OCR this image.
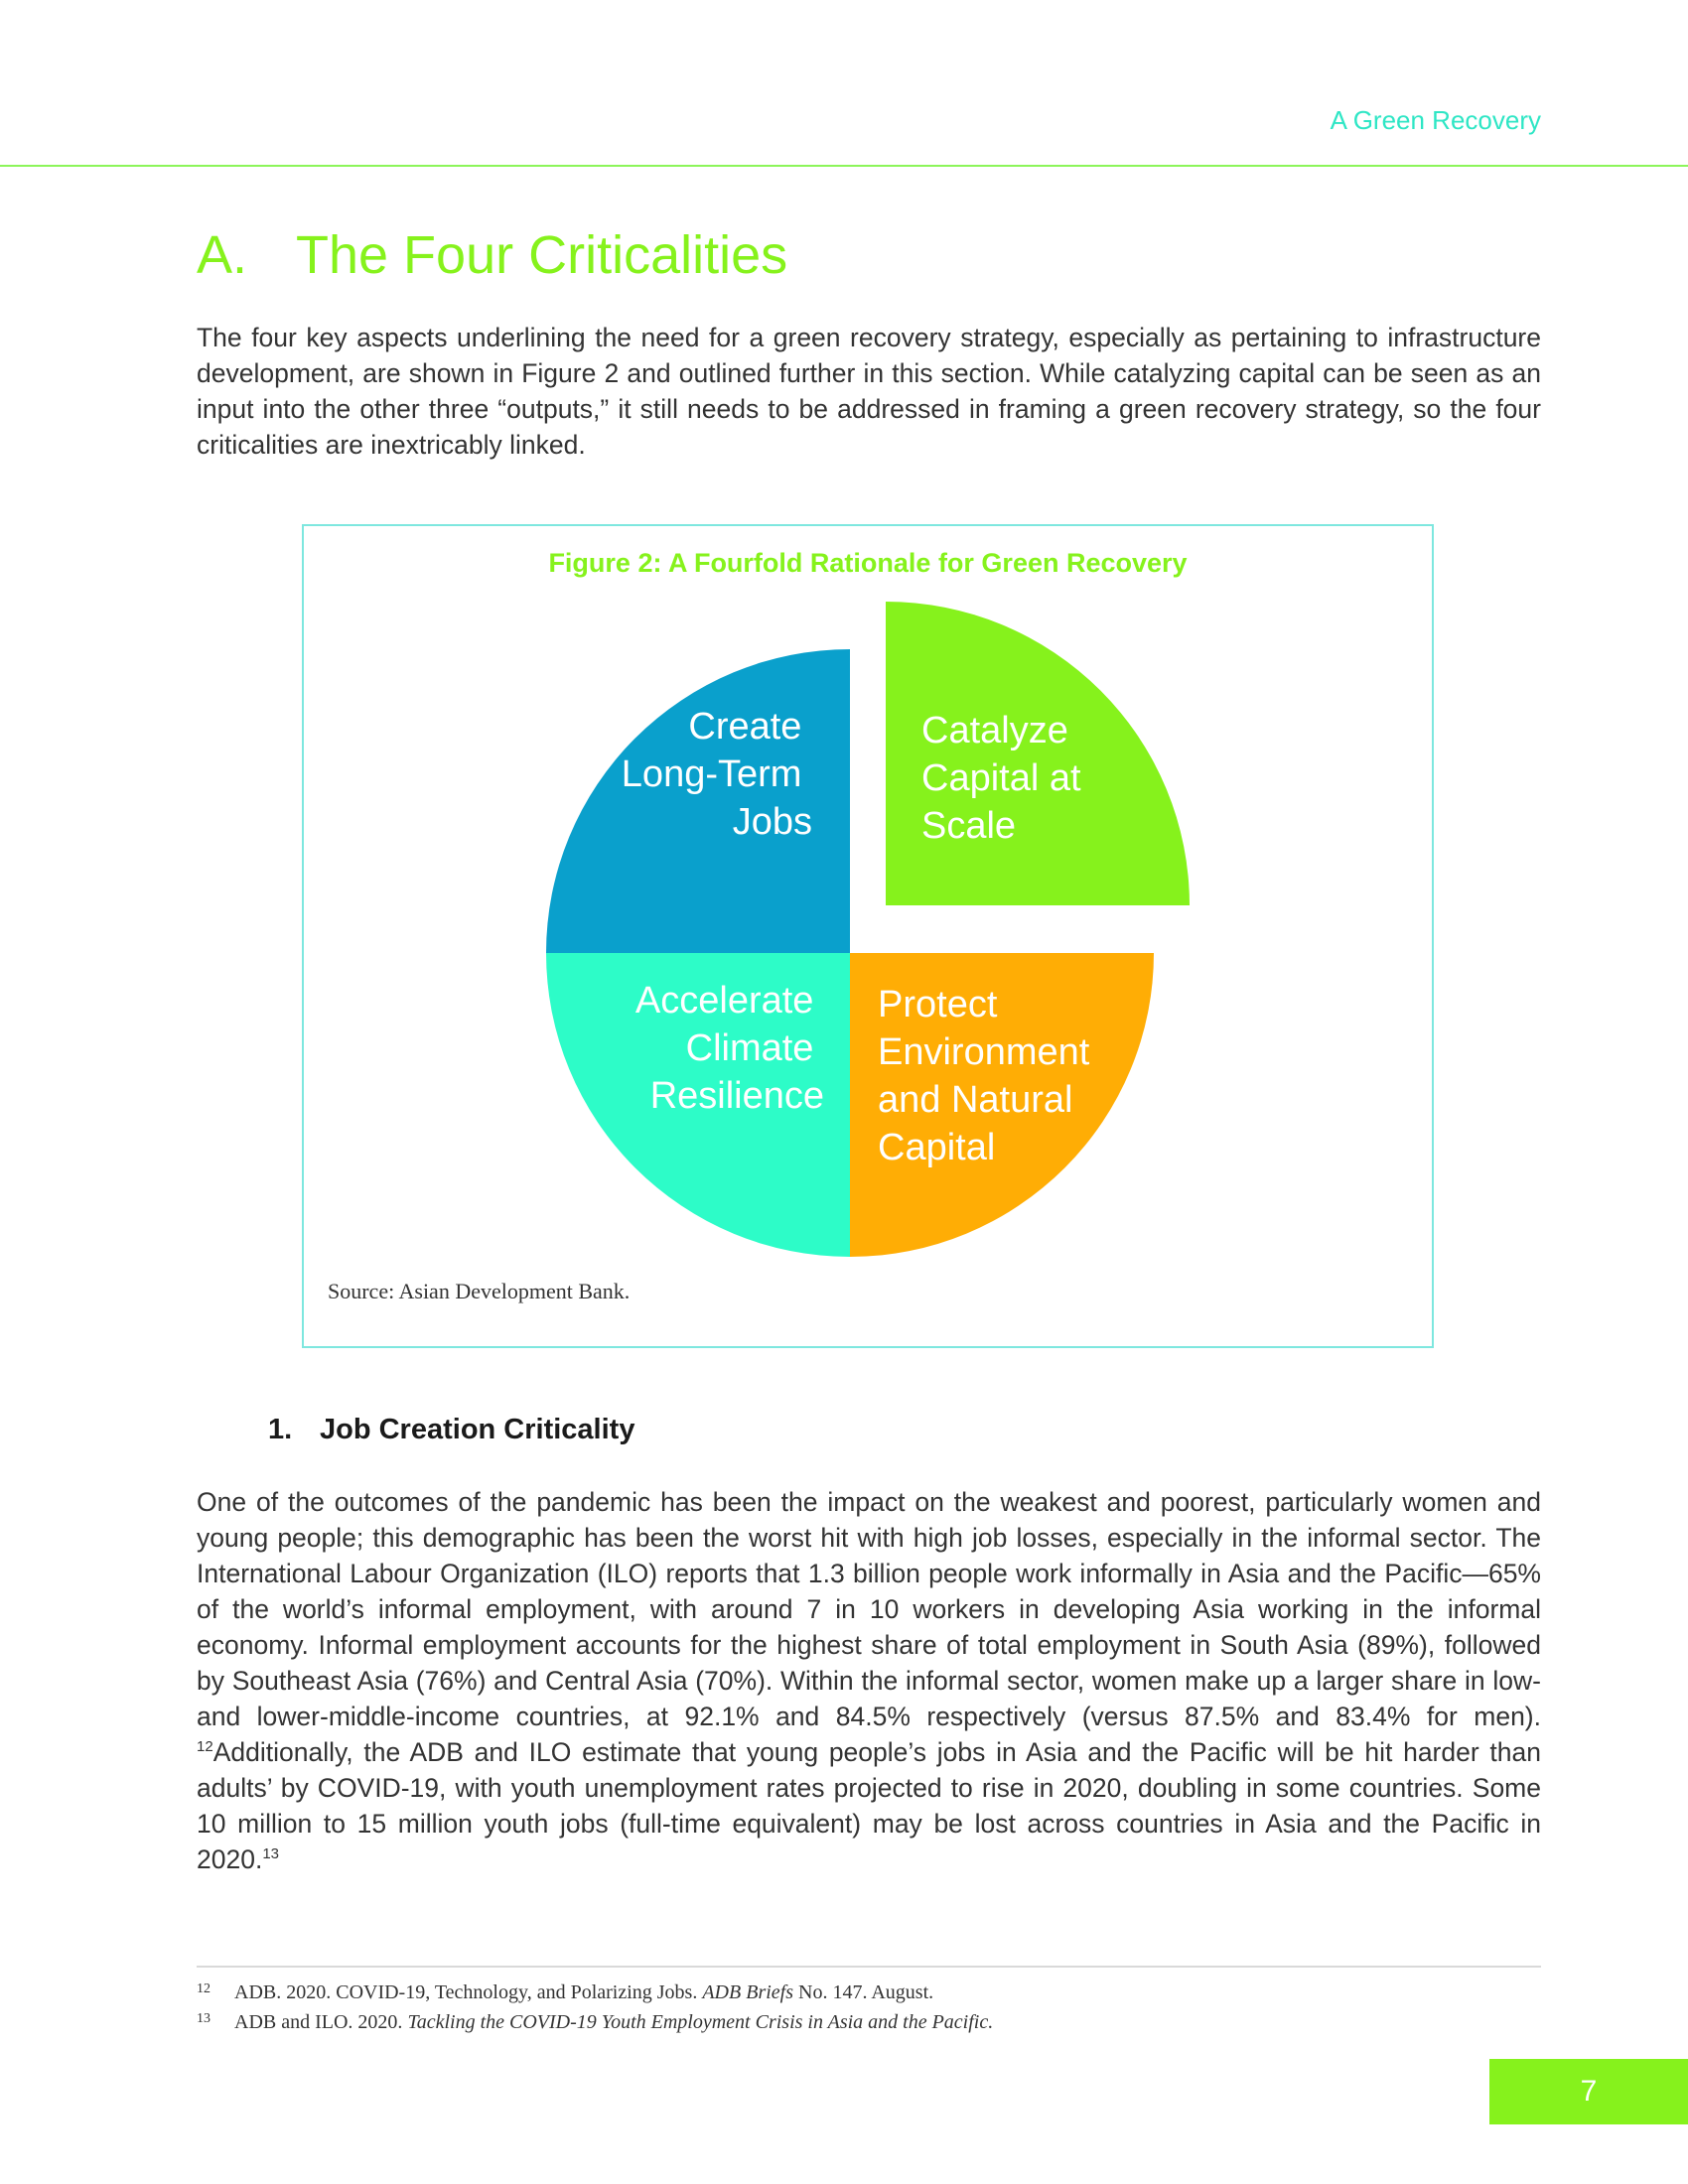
A Green Recovery
A. The Four Criticalities

The four key aspects underlining the need for a green recovery strategy, especially as pertaining to infrastructure development, are shown in Figure 2 and outlined further in this section. While catalyzing capital can be seen as an input into the other three “outputs,” it still needs to be addressed in framing a green recovery strategy, so the four criticalities are inextricably linked.

Figure 2: A Fourfold Rationale for Green Recovery
Create Long-Term Jobs
Catalyze Capital at Scale
Accelerate Climate Resilience
Protect Environment and Natural Capital
Source: Asian Development Bank.
1. Job Creation Criticality

One of the outcomes of the pandemic has been the impact on the weakest and poorest, particularly women and young people; this demographic has been the worst hit with high job losses, especially in the informal sector. The International Labour Organization (ILO) reports that 1.3 billion people work informally in Asia and the Pacific—65% of the world’s informal employment, with around 7 in 10 workers in developing Asia working in the informal economy. Informal employment accounts for the highest share of total employment in South Asia (89%), followed by Southeast Asia (76%) and Central Asia (70%). Within the informal sector, women make up a larger share in low- and lower-middle-income countries, at 92.1% and 84.5% respectively (versus 87.5% and 83.4% for men). $^{12}$Additionally, the ADB and ILO estimate that young people’s jobs in Asia and the Pacific will be hit harder than adults’ by COVID-19, with youth unemployment rates projected to rise in 2020, doubling in some countries. Some 10 million to 15 million youth jobs (full-time equivalent) may be lost across countries in Asia and the Pacific in 2020.13

12 ADB. 2020. COVID-19, Technology, and Polarizing Jobs. ADB Briefs No. 147. August.
13 ADB and ILO. 2020. Tackling the COVID-19 Youth Employment Crisis in Asia and the Pacific.
7
